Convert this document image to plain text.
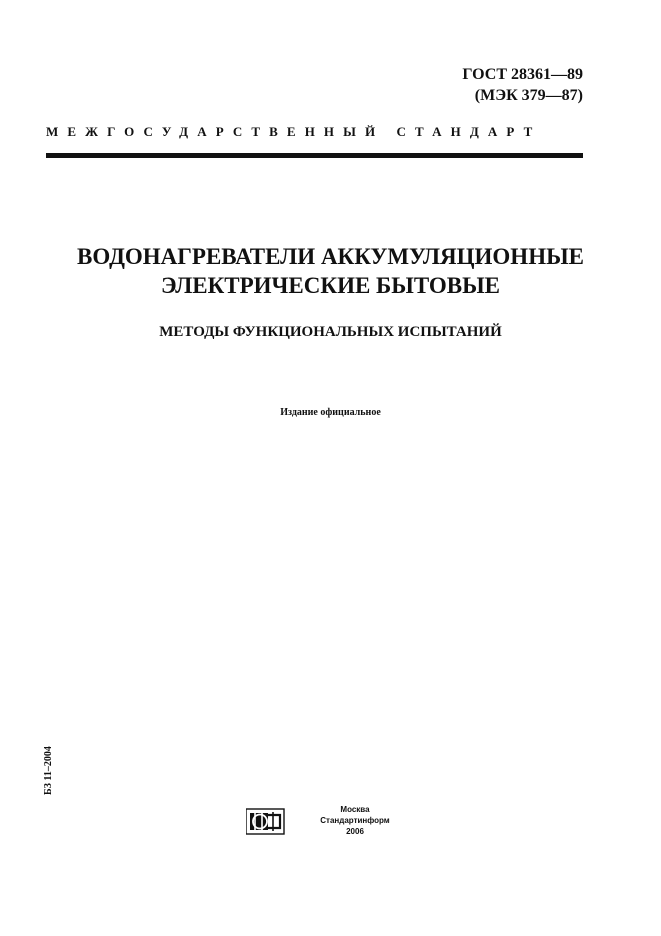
ГОСТ 28361—89
(МЭК 379—87)
МЕЖГОСУДАРСТВЕННЫЙ СТАНДАРТ
ВОДОНАГРЕВАТЕЛИ АККУМУЛЯЦИОННЫЕ
ЭЛЕКТРИЧЕСКИЕ БЫТОВЫЕ
МЕТОДЫ ФУНКЦИОНАЛЬНЫХ ИСПЫТАНИЙ
Издание официальное
БЗ 11–2004
Москва
Стандартинформ
2006
